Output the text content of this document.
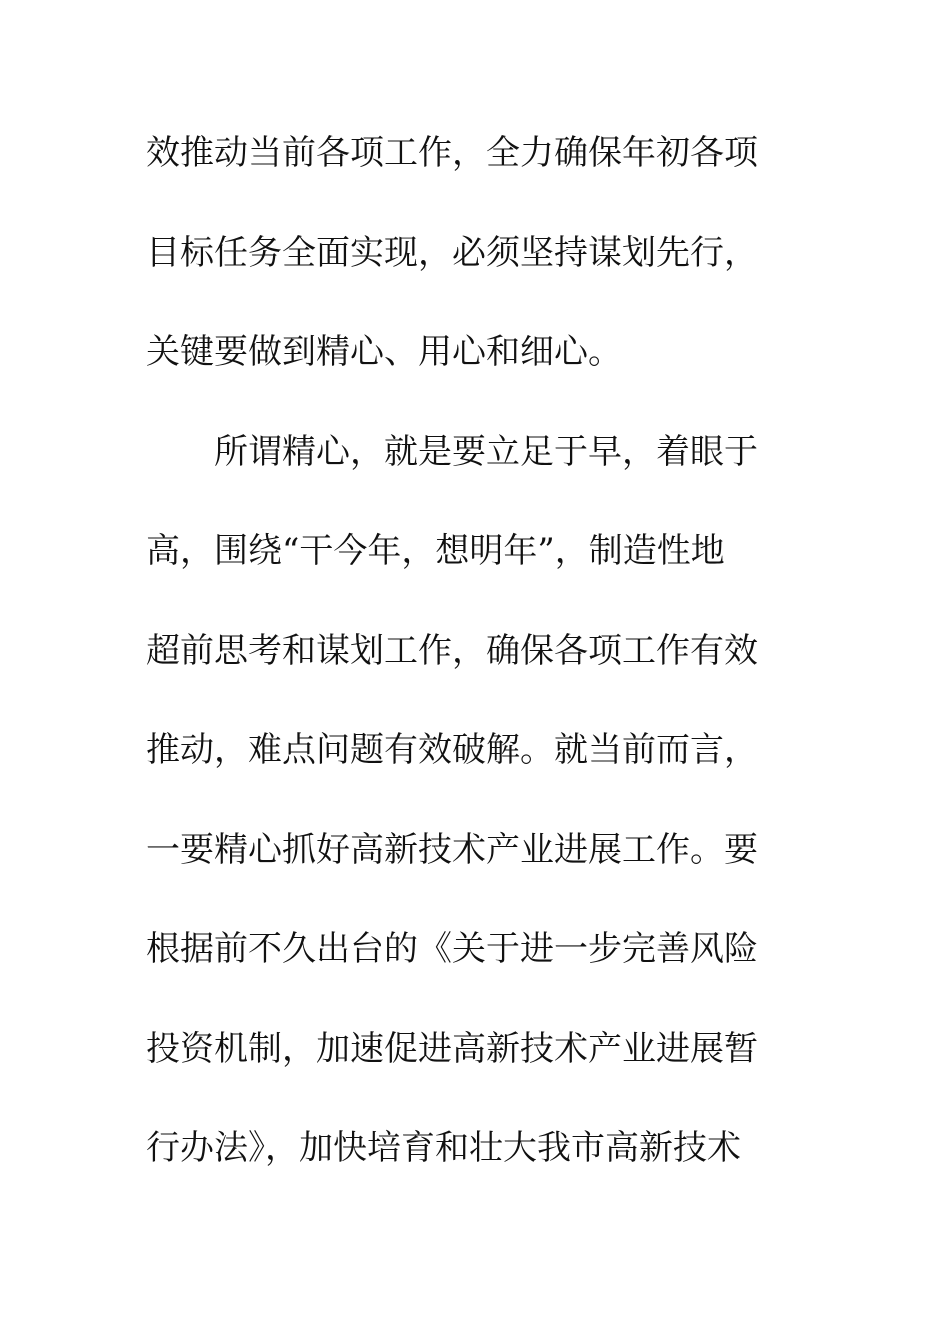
效推动当前各项工作，全力确保年初各项
目标任务全面实现，必须坚持谋划先行，
关键要做到精心、用心和细心。
所谓精心，就是要立足于早，着眼于
高，围绕“干今年，想明年”，制造性地
超前思考和谋划工作，确保各项工作有效
推动，难点问题有效破解。就当前而言，
一要精心抓好高新技术产业进展工作。要
根据前不久出台的《关于进一步完善风险
投资机制，加速促进高新技术产业进展暂
行办法》，加快培育和壮大我市高新技术
